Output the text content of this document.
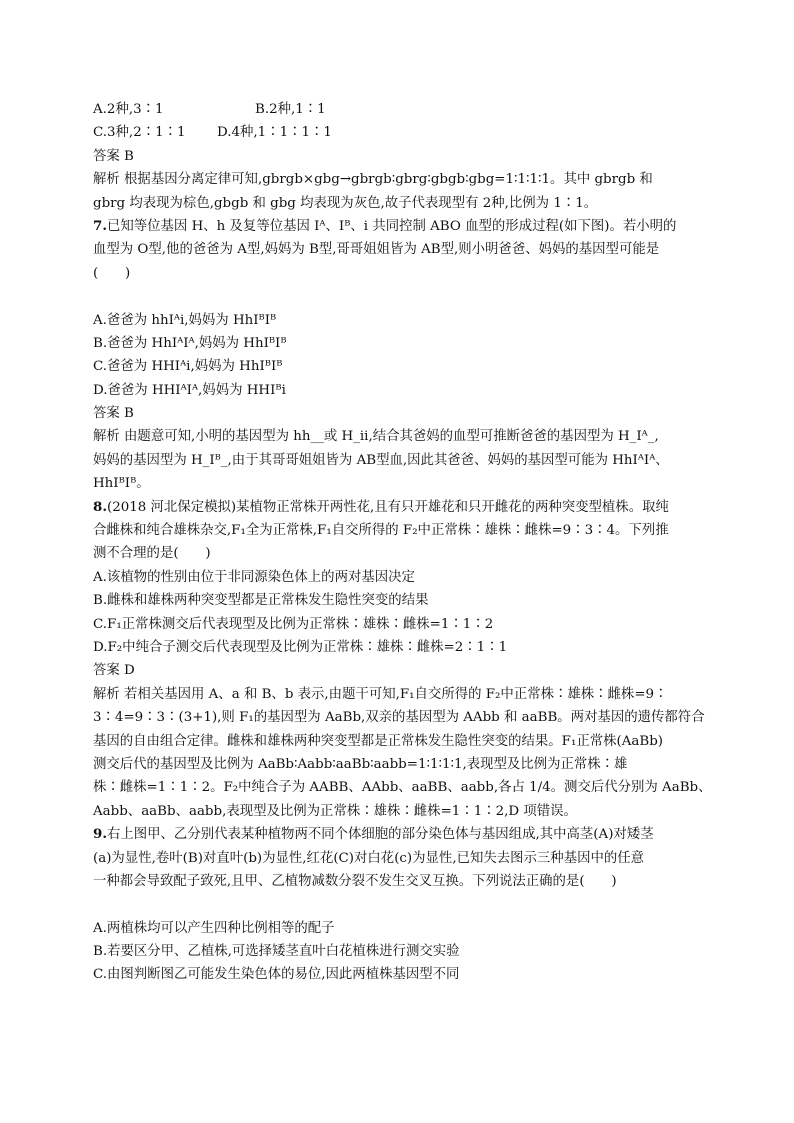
A.2种,3∶1	B.2种,1∶1
C.3种,2∶1∶1 D.4种,1∶1∶1∶1
答案 B
解析 根据基因分离定律可知,gbrgb×gbg→gbrgb∶gbrg∶gbgb∶gbg=1∶1∶1∶1。其中 gbrgb 和
gbrg 均表现为棕色,gbgb 和 gbg 均表现为灰色,故子代表现型有 2种,比例为 1∶1。
7.已知等位基因 H、h 及复等位基因 Iᴬ、Iᴮ、i 共同控制 ABO 血型的形成过程(如下图)。若小明的
血型为 O型,他的爸爸为 A型,妈妈为 B型,哥哥姐姐皆为 AB型,则小明爸爸、妈妈的基因型可能是
(　　)
A.爸爸为 hhIᴬi,妈妈为 HhIᴮIᴮ
B.爸爸为 HhIᴬIᴬ,妈妈为 HhIᴮIᴮ
C.爸爸为 HHIᴬi,妈妈为 HhIᴮIᴮ
D.爸爸为 HHIᴬIᴬ,妈妈为 HHIᴮi
答案 B
解析 由题意可知,小明的基因型为 hh__或 H_ii,结合其爸妈的血型可推断爸爸的基因型为 H_Iᴬ_,
妈妈的基因型为 H_Iᴮ_,由于其哥哥姐姐皆为 AB型血,因此其爸爸、妈妈的基因型可能为 HhIᴬIᴬ、
HhIᴮIᴮ。
8.(2018 河北保定模拟)某植物正常株开两性花,且有只开雄花和只开雌花的两种突变型植株。取纯
合雌株和纯合雄株杂交,F₁全为正常株,F₁自交所得的 F₂中正常株∶雄株∶雌株=9∶3∶4。下列推
测不合理的是(　　)
A.该植物的性别由位于非同源染色体上的两对基因决定
B.雌株和雄株两种突变型都是正常株发生隐性突变的结果
C.F₁正常株测交后代表现型及比例为正常株∶雄株∶雌株=1∶1∶2
D.F₂中纯合子测交后代表现型及比例为正常株∶雄株∶雌株=2∶1∶1
答案 D
解析 若相关基因用 A、a 和 B、b 表示,由题干可知,F₁自交所得的 F₂中正常株∶雄株∶雌株=9∶
3∶4=9∶3∶(3+1),则 F₁的基因型为 AaBb,双亲的基因型为 AAbb 和 aaBB。两对基因的遗传都符合
基因的自由组合定律。雌株和雄株两种突变型都是正常株发生隐性突变的结果。F₁正常株(AaBb)
测交后代的基因型及比例为 AaBb∶Aabb∶aaBb∶aabb=1∶1∶1∶1,表现型及比例为正常株∶雄
株∶雌株=1∶1∶2。F₂中纯合子为 AABB、AAbb、aaBB、aabb,各占 1/4。测交后代分别为 AaBb、
Aabb、aaBb、aabb,表现型及比例为正常株∶雄株∶雌株=1∶1∶2,D 项错误。
9.右上图甲、乙分别代表某种植物两不同个体细胞的部分染色体与基因组成,其中高茎(A)对矮茎
(a)为显性,卷叶(B)对直叶(b)为显性,红花(C)对白花(c)为显性,已知失去图示三种基因中的任意
一种都会导致配子致死,且甲、乙植物减数分裂不发生交叉互换。下列说法正确的是(　　)
A.两植株均可以产生四种比例相等的配子
B.若要区分甲、乙植株,可选择矮茎直叶白花植株进行测交实验
C.由图判断图乙可能发生染色体的易位,因此两植株基因型不同
